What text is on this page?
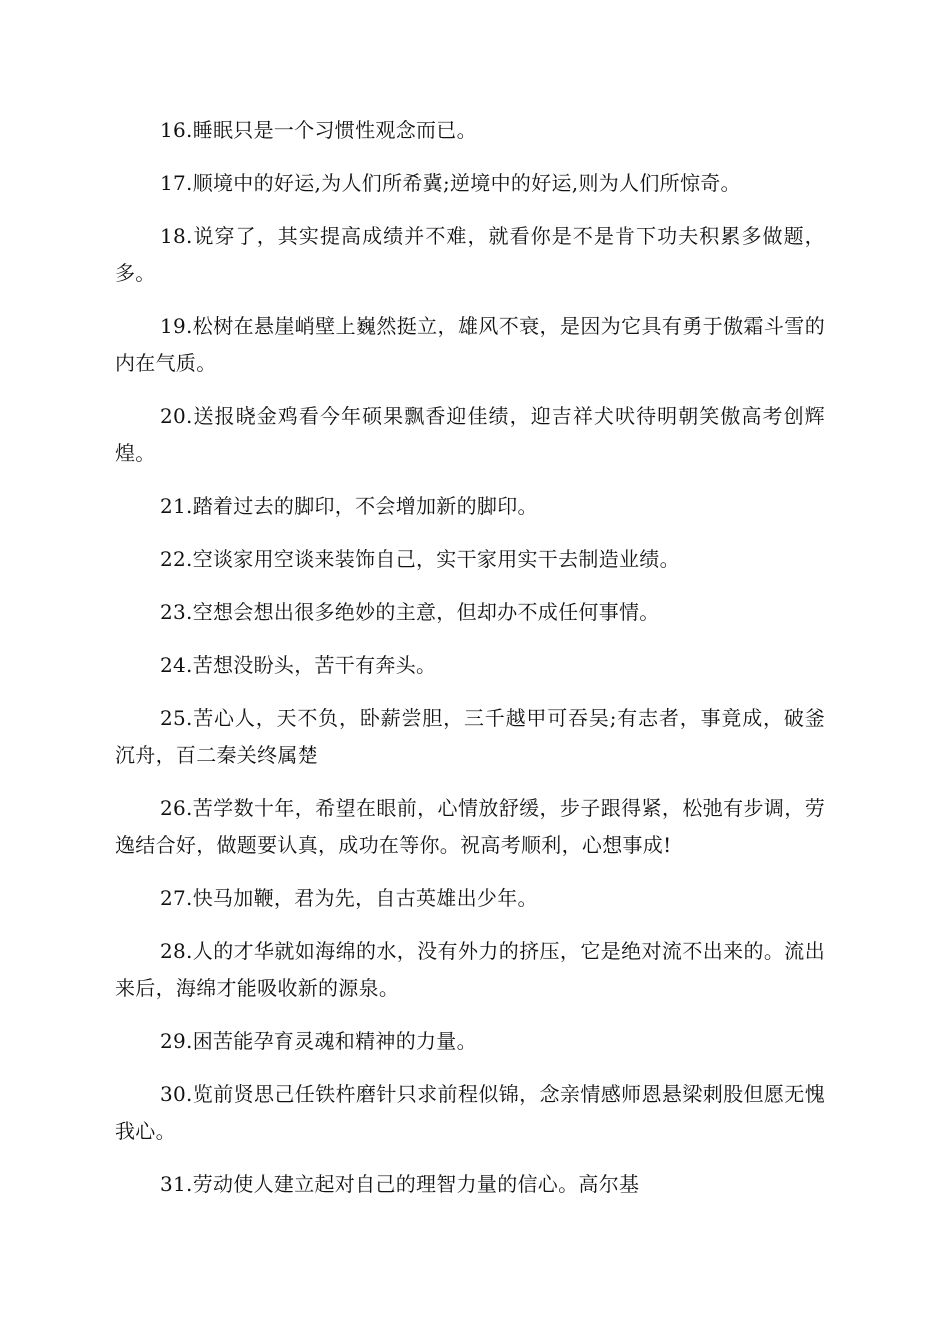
16.睡眠只是一个习惯性观念而已。

17.顺境中的好运,为人们所希冀;逆境中的好运,则为人们所惊奇。

18.说穿了，其实提高成绩并不难，就看你是不是肯下功夫积累多做题，多。

19.松树在悬崖峭壁上巍然挺立，雄风不衰，是因为它具有勇于傲霜斗雪的内在气质。

20.送报晓金鸡看今年硕果飘香迎佳绩，迎吉祥犬吠待明朝笑傲高考创辉煌。

21.踏着过去的脚印，不会增加新的脚印。

22.空谈家用空谈来装饰自己，实干家用实干去制造业绩。

23.空想会想出很多绝妙的主意，但却办不成任何事情。

24.苦想没盼头，苦干有奔头。

25.苦心人，天不负，卧薪尝胆，三千越甲可吞吴;有志者，事竟成，破釜沉舟，百二秦关终属楚

26.苦学数十年，希望在眼前，心情放舒缓，步子跟得紧，松弛有步调，劳逸结合好，做题要认真，成功在等你。祝高考顺利，心想事成!

27.快马加鞭，君为先，自古英雄出少年。

28.人的才华就如海绵的水，没有外力的挤压，它是绝对流不出来的。流出来后，海绵才能吸收新的源泉。

29.困苦能孕育灵魂和精神的力量。

30.览前贤思己任铁杵磨针只求前程似锦，念亲情感师恩悬梁刺股但愿无愧我心。

31.劳动使人建立起对自己的理智力量的信心。高尔基
